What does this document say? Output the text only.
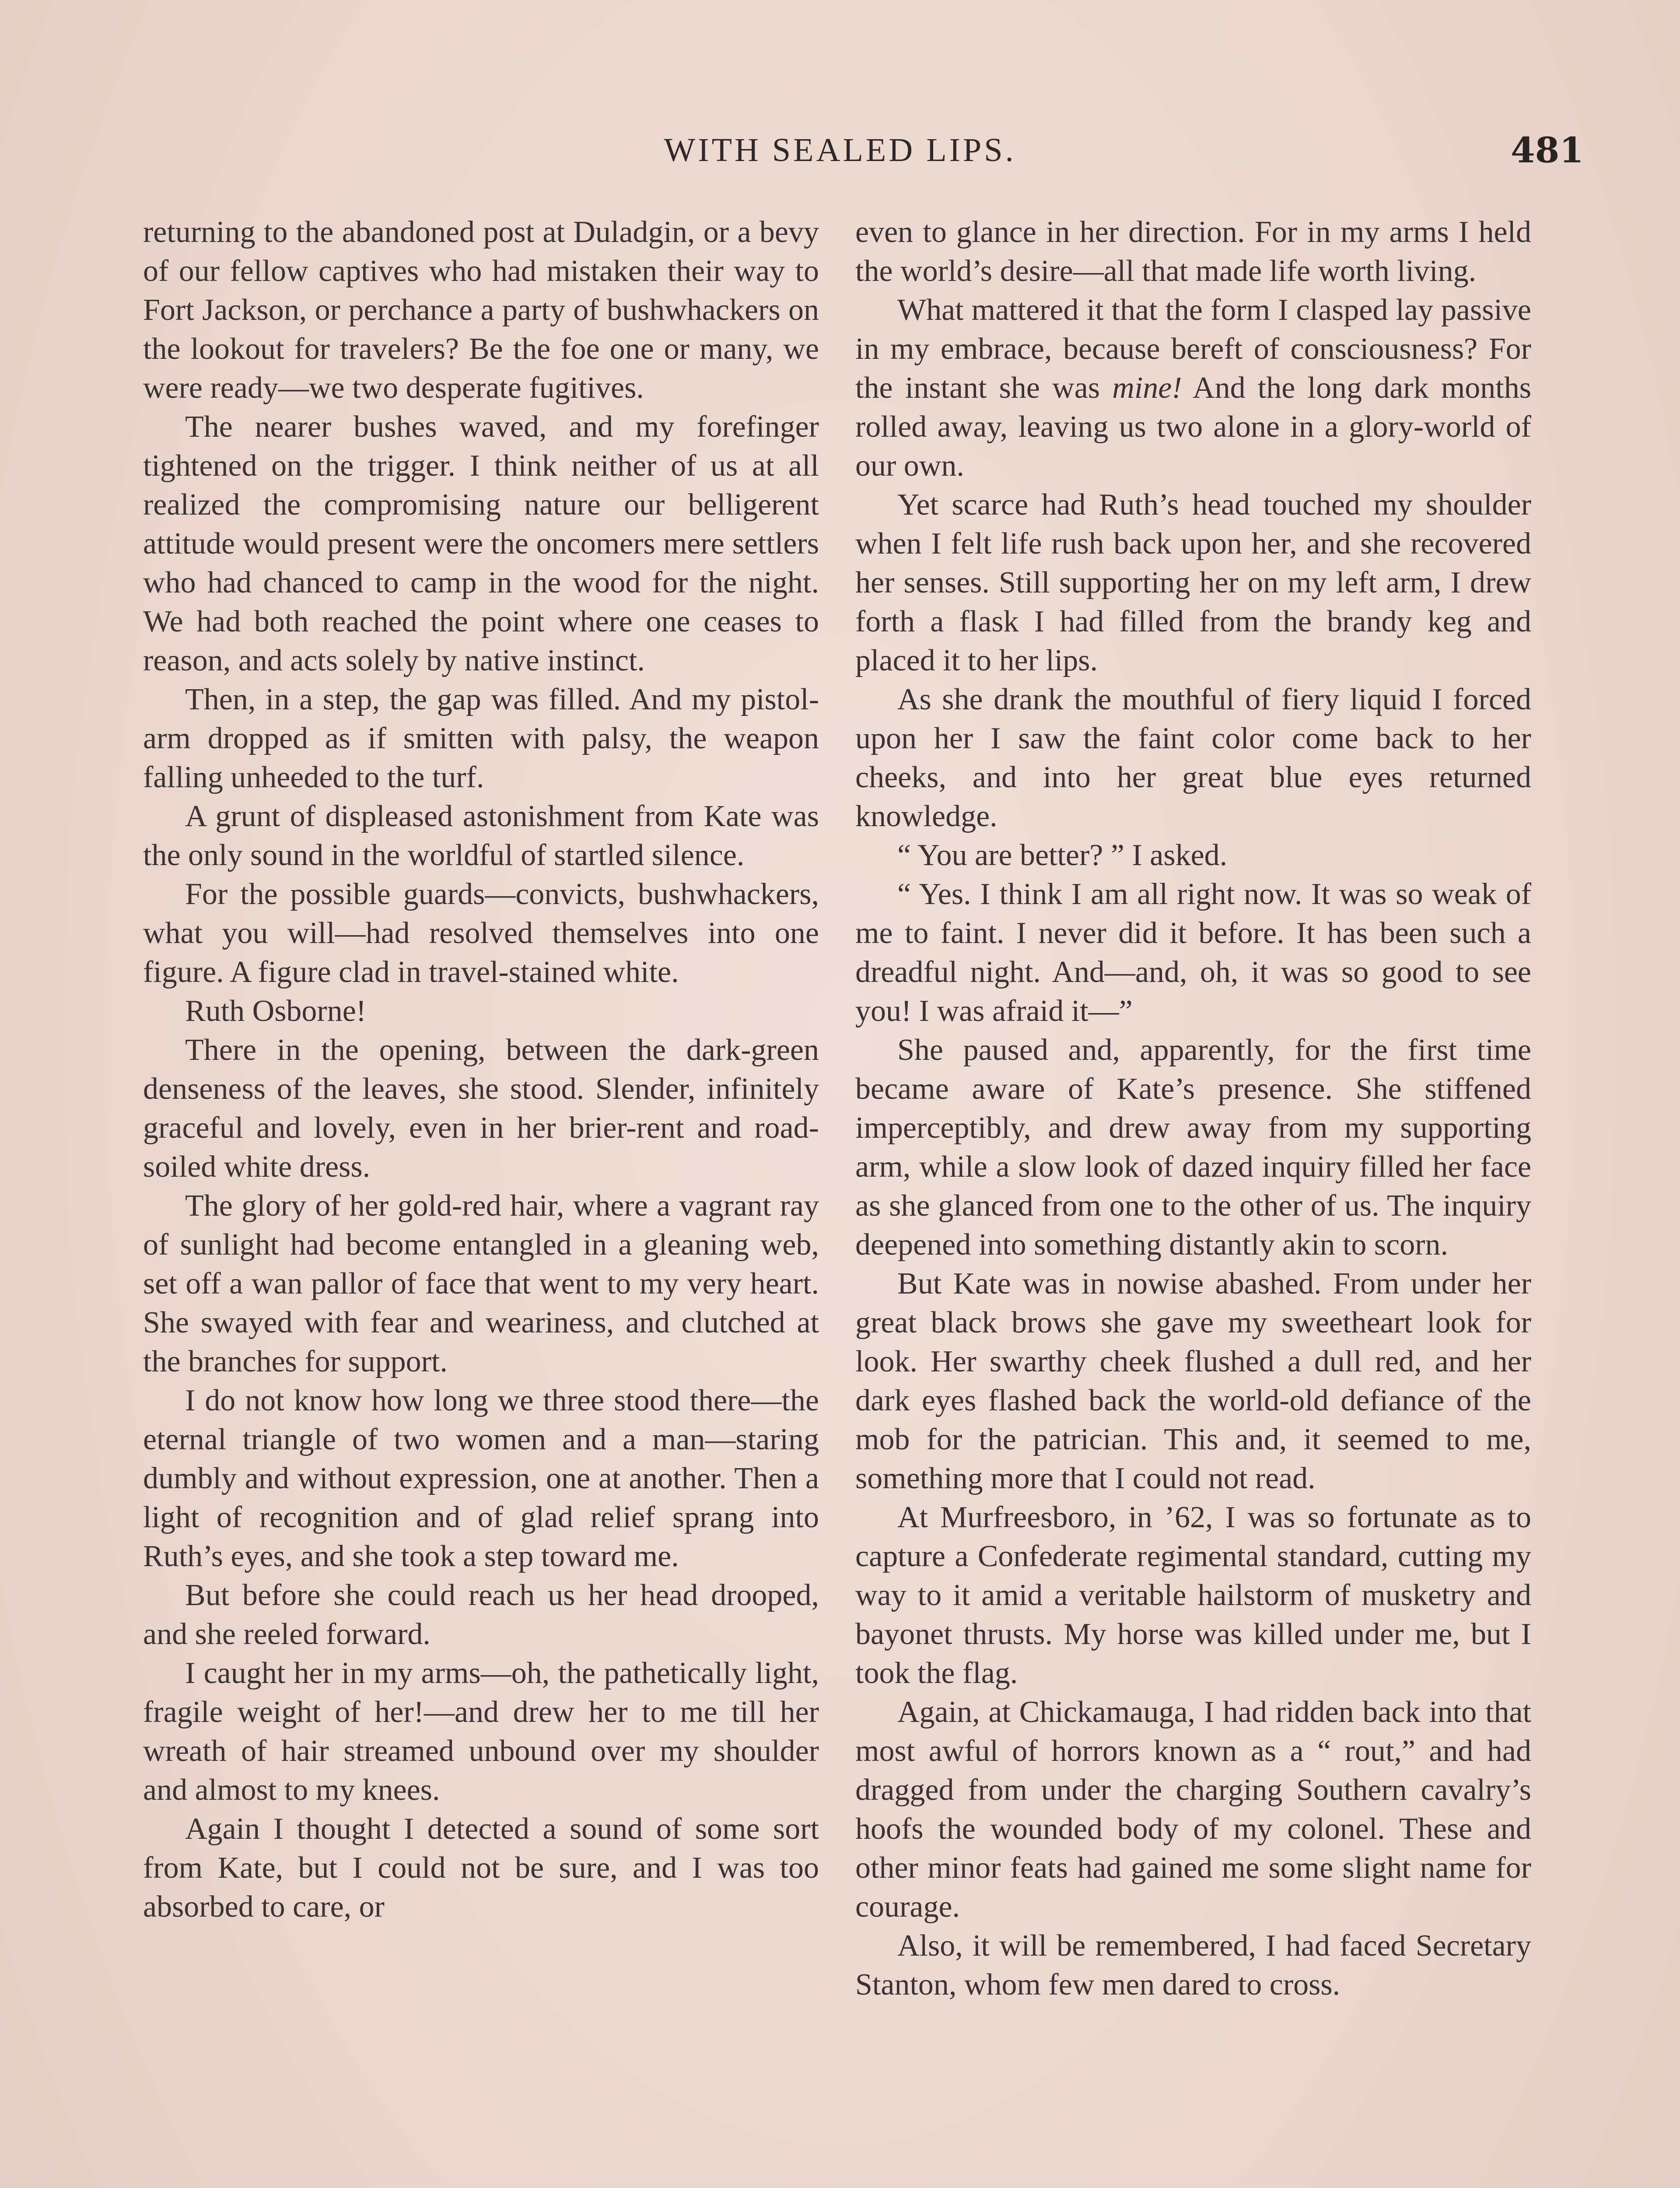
WITH SEALED LIPS.	481

returning to the abandoned post at Duladgin, or a bevy of our fellow captives who had mistaken their way to Fort Jackson, or perchance a party of bushwhackers on the lookout for travelers? Be the foe one or many, we were ready—we two desperate fugitives.

The nearer bushes waved, and my forefinger tightened on the trigger. I think neither of us at all realized the compromising nature our belligerent attitude would present were the oncomers mere settlers who had chanced to camp in the wood for the night. We had both reached the point where one ceases to reason, and acts solely by native instinct.

Then, in a step, the gap was filled. And my pistol-arm dropped as if smitten with palsy, the weapon falling unheeded to the turf.

A grunt of displeased astonishment from Kate was the only sound in the worldful of startled silence.

For the possible guards—convicts, bushwhackers, what you will—had resolved themselves into one figure. A figure clad in travel-stained white.

Ruth Osborne!

There in the opening, between the dark-green denseness of the leaves, she stood. Slender, infinitely graceful and lovely, even in her brier-rent and road-soiled white dress.

The glory of her gold-red hair, where a vagrant ray of sunlight had become entangled in a gleaning web, set off a wan pallor of face that went to my very heart. She swayed with fear and weariness, and clutched at the branches for support.

I do not know how long we three stood there—the eternal triangle of two women and a man—staring dumbly and without expression, one at another. Then a light of recognition and of glad relief sprang into Ruth’s eyes, and she took a step toward me.

But before she could reach us her head drooped, and she reeled forward.

I caught her in my arms—oh, the pathetically light, fragile weight of her!—and drew her to me till her wreath of hair streamed unbound over my shoulder and almost to my knees.

Again I thought I detected a sound of some sort from Kate, but I could not be sure, and I was too absorbed to care, or

even to glance in her direction. For in my arms I held the world’s desire—all that made life worth living.

What mattered it that the form I clasped lay passive in my embrace, because bereft of consciousness? For the instant she was mine! And the long dark months rolled away, leaving us two alone in a glory-world of our own.

Yet scarce had Ruth’s head touched my shoulder when I felt life rush back upon her, and she recovered her senses. Still supporting her on my left arm, I drew forth a flask I had filled from the brandy keg and placed it to her lips.

As she drank the mouthful of fiery liquid I forced upon her I saw the faint color come back to her cheeks, and into her great blue eyes returned knowledge.

“ You are better? ” I asked.

“ Yes. I think I am all right now. It was so weak of me to faint. I never did it before. It has been such a dreadful night. And—and, oh, it was so good to see you! I was afraid it—”

She paused and, apparently, for the first time became aware of Kate’s presence. She stiffened imperceptibly, and drew away from my supporting arm, while a slow look of dazed inquiry filled her face as she glanced from one to the other of us. The inquiry deepened into something distantly akin to scorn.

But Kate was in nowise abashed. From under her great black brows she gave my sweetheart look for look. Her swarthy cheek flushed a dull red, and her dark eyes flashed back the world-old defiance of the mob for the patrician. This and, it seemed to me, something more that I could not read.

At Murfreesboro, in ’62, I was so fortunate as to capture a Confederate regimental standard, cutting my way to it amid a veritable hailstorm of musketry and bayonet thrusts. My horse was killed under me, but I took the flag.

Again, at Chickamauga, I had ridden back into that most awful of horrors known as a “ rout,” and had dragged from under the charging Southern cavalry’s hoofs the wounded body of my colonel. These and other minor feats had gained me some slight name for courage.

Also, it will be remembered, I had faced Secretary Stanton, whom few men dared to cross.
